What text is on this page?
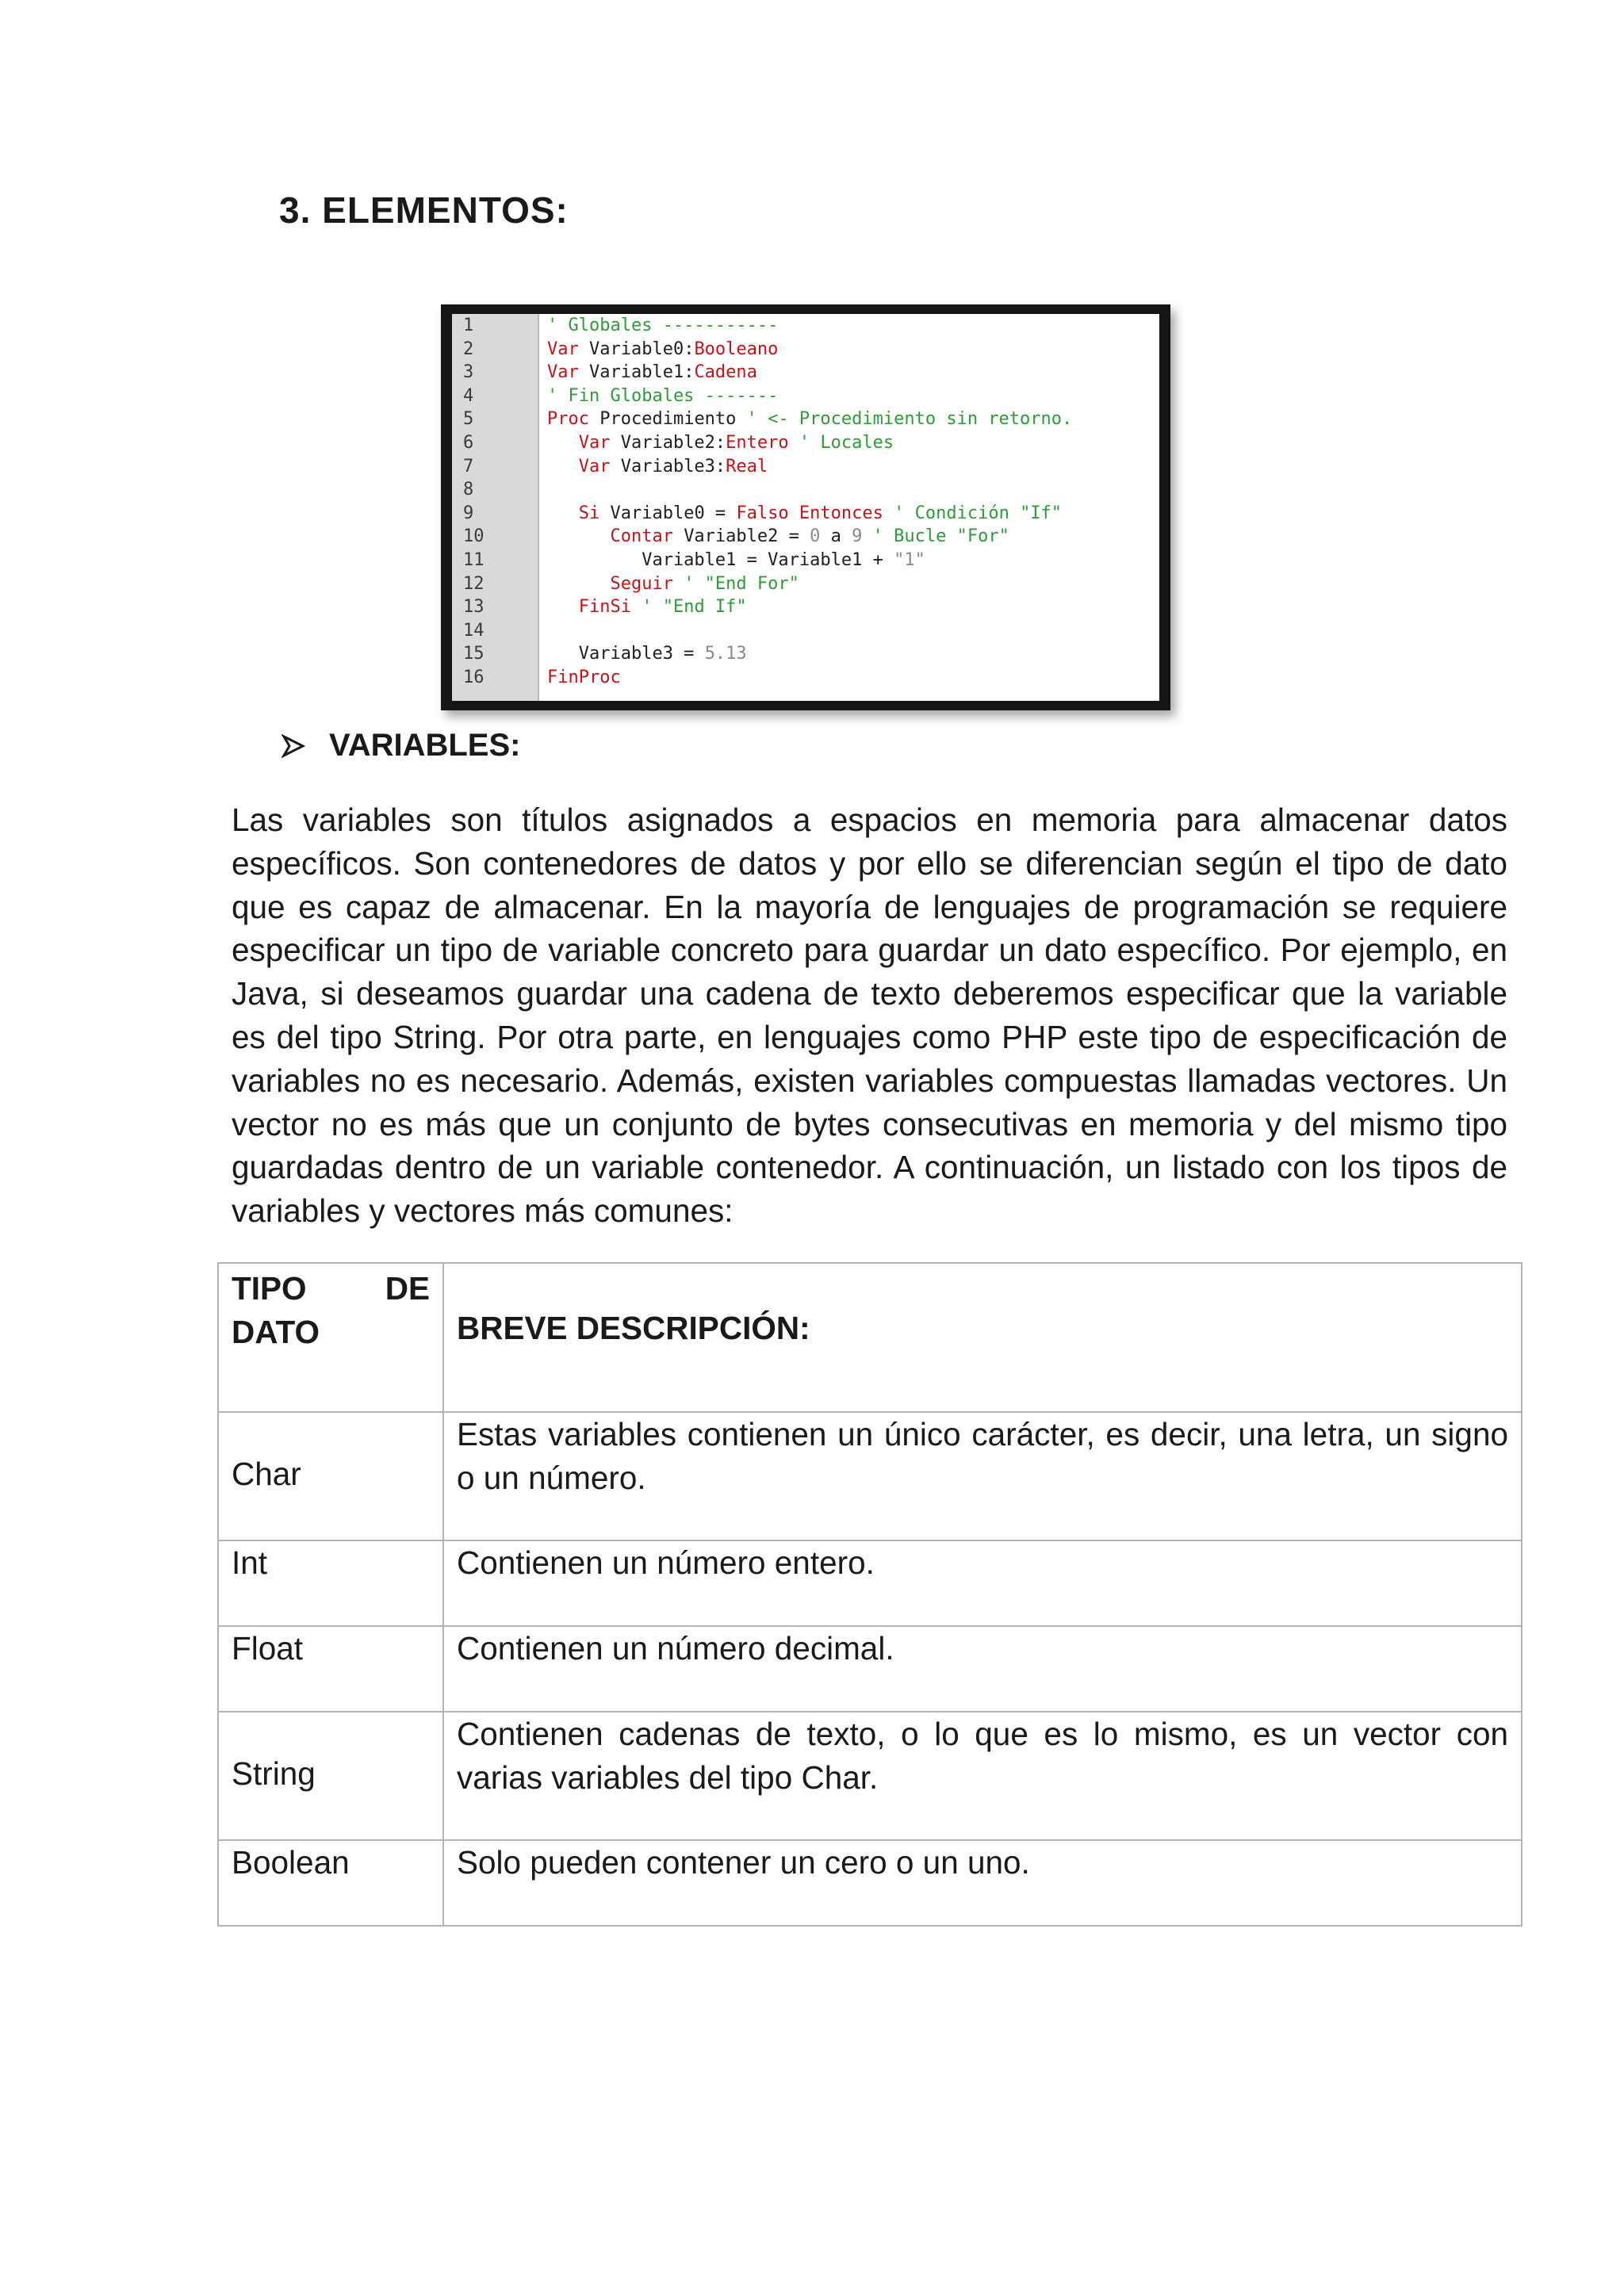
3. ELEMENTOS:
1
2
3
4
5
6
7
8
9
10
11
12
13
14
15
16
' Globales -----------
Var Variable0:Booleano
Var Variable1:Cadena
' Fin Globales -------
Proc Procedimiento ' <- Procedimiento sin retorno.
Var Variable2:Entero ' Locales
Var Variable3:Real

Si Variable0 = Falso Entonces ' Condición "If"
Contar Variable2 = 0 a 9 ' Bucle "For"
Variable1 = Variable1 + "1"
Seguir ' "End For"
FinSi ' "End If"

Variable3 = 5.13
FinProc
VARIABLES:

Las variables son títulos asignados a espacios en memoria para almacenar datos específicos. Son contenedores de datos y por ello se diferencian según el tipo de dato que es capaz de almacenar. En la mayoría de lenguajes de programación se requiere especificar un tipo de variable concreto para guardar un dato específico. Por ejemplo, en Java, si deseamos guardar una cadena de texto deberemos especificar que la variable es del tipo String. Por otra parte, en lenguajes como PHP este tipo de especificación de variables no es necesario. Además, existen variables compuestas llamadas vectores. Un vector no es más que un conjunto de bytes consecutivas en memoria y del mismo tipo guardadas dentro de un variable contenedor. A continuación, un listado con los tipos de variables y vectores más comunes:

TIPO DE
DATO	BREVE DESCRIPCIÓN:
Char	Estas variables contienen un único carácter, es decir, una letra, un signo o un número.
Int	Contienen un número entero.
Float	Contienen un número decimal.
String	Contienen cadenas de texto, o lo que es lo mismo, es un vector con varias variables del tipo Char.
Boolean	Solo pueden contener un cero o un uno.
